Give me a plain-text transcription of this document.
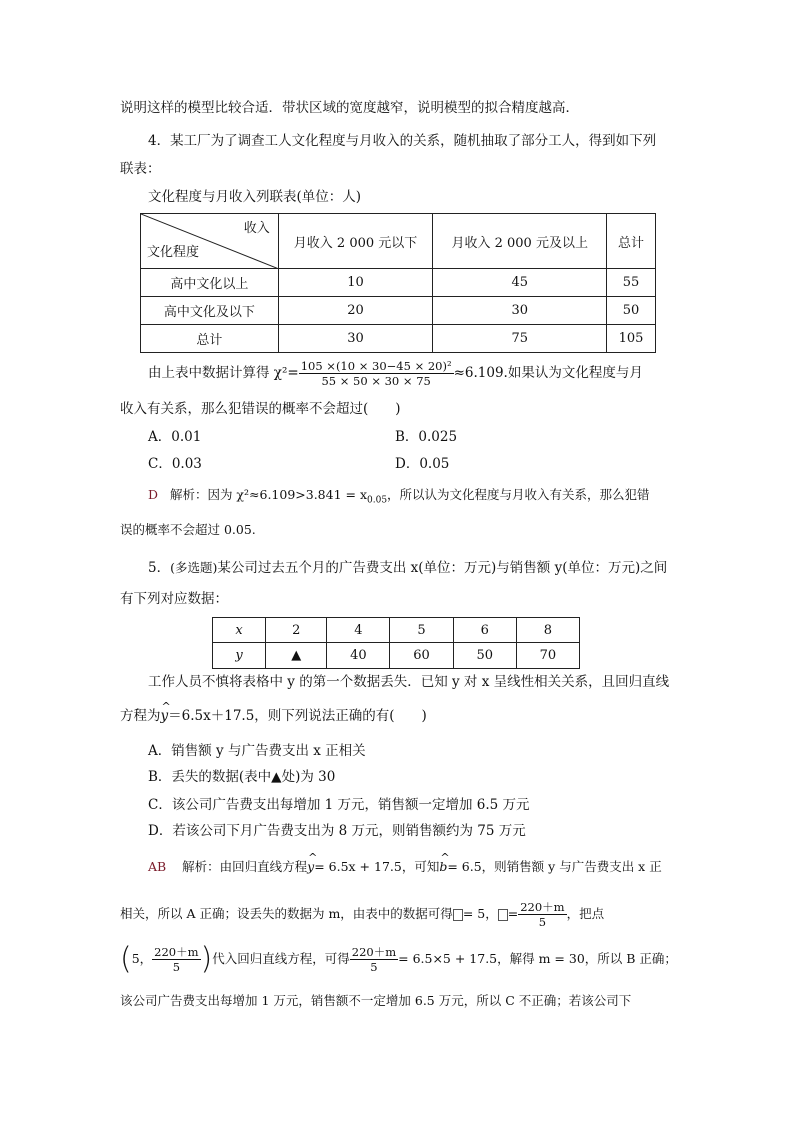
说明这样的模型比较合适．带状区域的宽度越窄，说明模型的拟合精度越高．
4．某工厂为了调查工人文化程度与月收入的关系，随机抽取了部分工人，得到如下列
联表：
文化程度与月收入列联表(单位：人)
收入
文化程度	月收入 2 000 元以下	月收入 2 000 元及以上	总计
高中文化以上	10	45	55
高中文化及以下	20	30	50
总计	30	75	105
由上表中数据计算得 $\chi^2= \frac{\text{105 ×(10 × 30−45 × 20)²}}{55 \times 50 \times 30 \times 75} \approx 6.109$.如果认为文化程度与月
收入有关系，那么犯错误的概率不会超过(　　)
A．0.01	B．0.025
C．0.03	D．0.05
D 解析：因为 $\chi^2\approx 6.109>3.841 = x_{0.05}$，所以认为文化程度与月收入有关系，那么犯错
误的概率不会超过 0.05.
5．(多选题)某公司过去五个月的广告费支出 x(单位：万元)与销售额 y(单位：万元)之间
有下列对应数据：
x	2	4	5	6	8
y	▲	40	60	50	70
工作人员不慎将表格中 y 的第一个数据丢失．已知 y 对 x 呈线性相关关系，且回归直线
方程为^ y＝6.5x＋17.5，则下列说法正确的有(　　)
A．销售额 y 与广告费支出 x 正相关
B．丢失的数据(表中▲处)为 30
C．该公司广告费支出每增加 1 万元，销售额一定增加 6.5 万元
D．若该公司下月广告费支出为 8 万元，则销售额约为 75 万元
AB 解析：由回归直线方程^ y= 6.5x + 17.5，可知^ b= 6.5，则销售额 y 与广告费支出 x 正
相关，所以 A 正确；设丢失的数据为 m，由表中的数据可得 = 5， = $\frac{220+m}{5}$ ，把点
(5， $\frac{220+m}{5}$ )代入回归直线方程，可得 $\frac{220+m}{5} = 6.5\times 5 + 17.5$，解得 m = 30，所以 B 正确；
该公司广告费支出每增加 1 万元，销售额不一定增加 6.5 万元，所以 C 不正确；若该公司下
